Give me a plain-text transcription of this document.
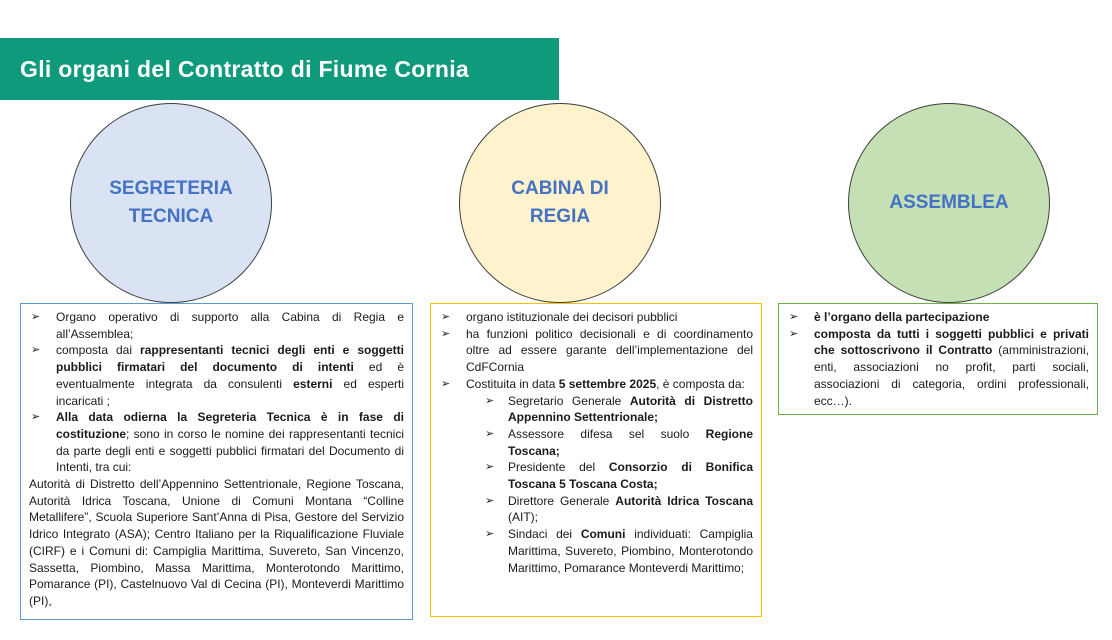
Gli organi del Contratto di Fiume Cornia
SEGRETERIA
TECNICA
CABINA DI
REGIA
ASSEMBLEA
➢ Organo operativo di supporto alla Cabina di Regia e all’Assemblea;
➢ composta dai rappresentanti tecnici degli enti e soggetti pubblici firmatari del documento di intenti ed è eventualmente integrata da consulenti esterni ed esperti incaricati ;
➢ Alla data odierna la Segreteria Tecnica è in fase di costituzione; sono in corso le nomine dei rappresentanti tecnici da parte degli enti e soggetti pubblici firmatari del Documento di Intenti, tra cui:

Autorità di Distretto dell’Appennino Settentrionale, Regione Toscana, Autorità Idrica Toscana, Unione di Comuni Montana “Colline Metallifere”, Scuola Superiore Sant’Anna di Pisa, Gestore del Servizio Idrico Integrato (ASA); Centro Italiano per la Riqualificazione Fluviale (CIRF) e i Comuni di: Campiglia Marittima, Suvereto, San Vincenzo, Sassetta, Piombino, Massa Marittima, Monterotondo Marittimo, Pomarance (PI), Castelnuovo Val di Cecina (PI), Monteverdi Marittimo (PI),

➢ organo istituzionale dei decisori pubblici
➢ ha funzioni politico decisionali e di coordinamento oltre ad essere garante dell’implementazione del CdFCornia
➢ Costituita in data 5 settembre 2025, è composta da:
➢ Segretario Generale Autorità di Distretto Appennino Settentrionale;
➢ Assessore difesa sel suolo Regione Toscana;
➢ Presidente del Consorzio di Bonifica Toscana 5 Toscana Costa;
➢ Direttore Generale Autorità Idrica Toscana (AIT);
➢ Sindaci dei Comuni individuati: Campiglia Marittima, Suvereto, Piombino, Monterotondo Marittimo, Pomarance Monteverdi Marittimo;
➢ è l’organo della partecipazione
➢ composta da tutti i soggetti pubblici e privati che sottoscrivono il Contratto (amministrazioni, enti, associazioni no profit, parti sociali, associazioni di categoria, ordini professionali, ecc…).
